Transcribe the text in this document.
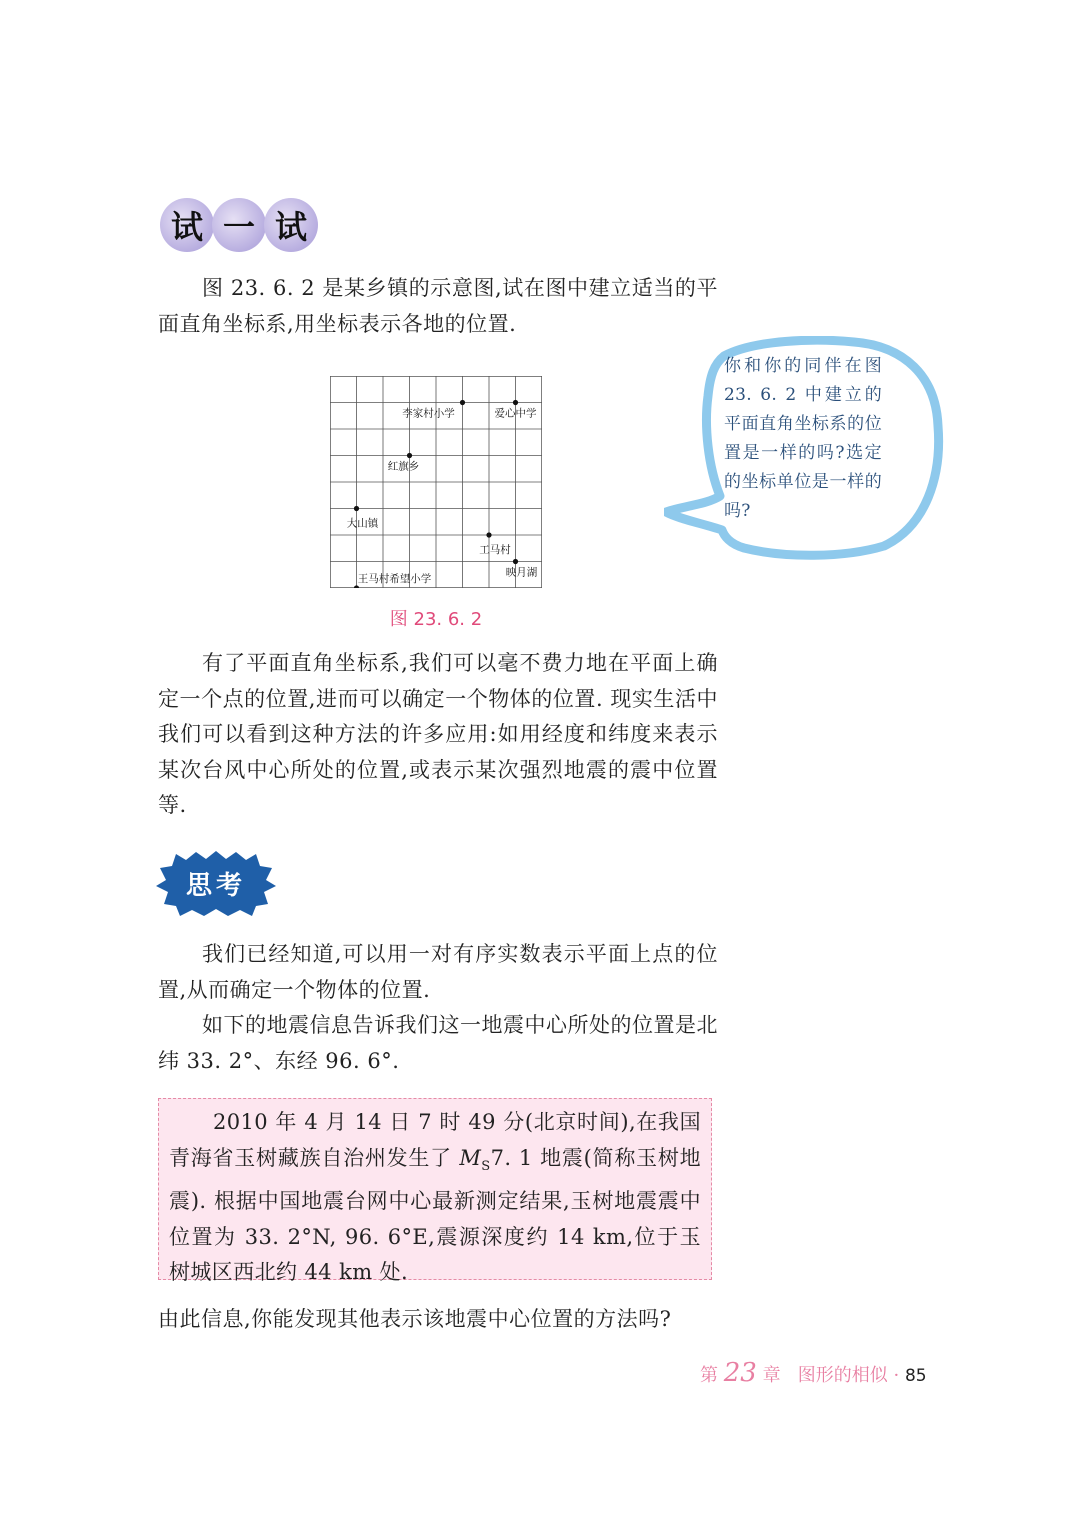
试 一 试
图 23. 6. 2 是某乡镇的示意图,试在图中建立适当的平面直角坐标系,用坐标表示各地的位置.
李家村小学	爱心中学
红旗乡
大山镇
工马村
王马村希望小学
映月湖
图 23. 6. 2
你和你的同伴在图 23. 6. 2 中建立的平面直角坐标系的位置是一样的吗?选定的坐标单位是一样的吗?
有了平面直角坐标系,我们可以毫不费力地在平面上确定一个点的位置,进而可以确定一个物体的位置. 现实生活中我们可以看到这种方法的许多应用:如用经度和纬度来表示某次台风中心所处的位置,或表示某次强烈地震的震中位置等.
思考
我们已经知道,可以用一对有序实数表示平面上点的位置,从而确定一个物体的位置.
如下的地震信息告诉我们这一地震中心所处的位置是北纬 33. 2°、东经 96. 6°.

2010 年 4 月 14 日 7 时 49 分(北京时间),在我国青海省玉树藏族自治州发生了 $M_S7$. 1 地震(简称玉树地震). 根据中国地震台网中心最新测定结果,玉树地震震中位置为 33. 2°N, 96. 6°E,震源深度约 14 km,位于玉树城区西北约 44 km 处.

由此信息,你能发现其他表示该地震中心位置的方法吗?
第 23 章 图形的相似 · 85
